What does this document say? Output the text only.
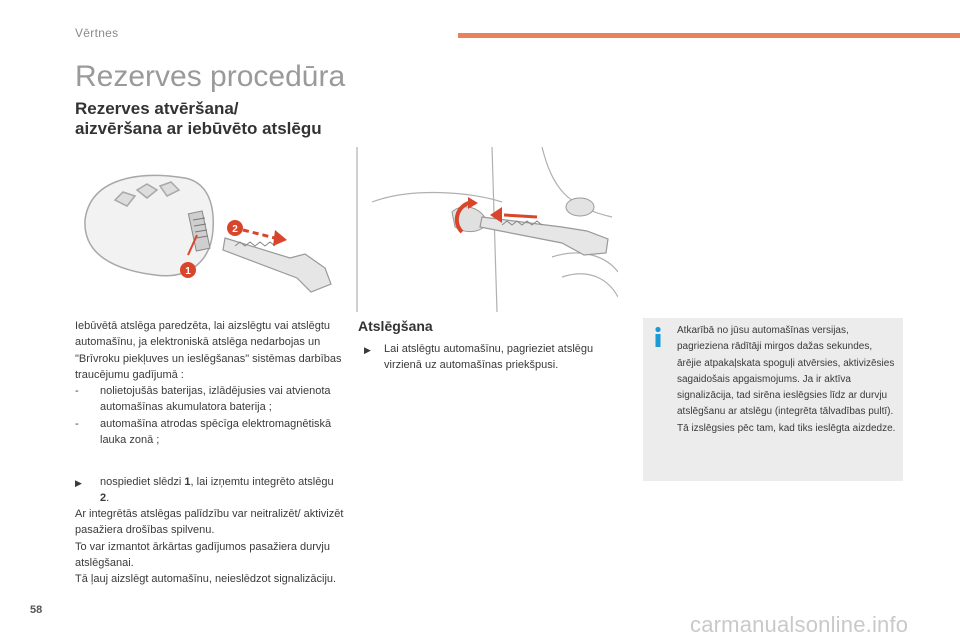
Vērtnes
Rezerves procedūra
Rezerves atvēršana/
aizvēršana ar iebūvēto atslēgu
2
1
Iebūvētā atslēga paredzēta, lai aizslēgtu vai atslēgtu automašīnu, ja elektroniskā atslēga nedarbojas un "Brīvroku piekļuves un ieslēgšanas" sistēmas darbības traucējumu gadījumā :
- nolietojušās baterijas, izlādējusies vai atvienota automašīnas akumulatora baterija ;
- automašīna atrodas spēcīga elektromagnētiskā lauka zonā ;
▶	nospiediet slēdzi 1, lai izņemtu integrēto atslēgu 2.
Ar integrētās atslēgas palīdzību var neitralizēt/ aktivizēt pasažiera drošības spilvenu.
To var izmantot ārkārtas gadījumos pasažiera durvju atslēgšanai.
Tā ļauj aizslēgt automašīnu, neieslēdzot signalizāciju.
Atslēgšana
▶	Lai atslēgtu automašīnu, pagrieziet atslēgu virzienā uz automašīnas priekšpusi.
Atkarībā no jūsu automašīnas versijas, pagrieziena rādītāji mirgos dažas sekundes, ārējie atpakaļskata spoguļi atvērsies, aktivizēsies sagaidošais apgaismojums. Ja ir aktīva signalizācija, tad sirēna ieslēgsies līdz ar durvju atslēgšanu ar atslēgu (integrēta tālvadības pultī). Tā izslēgsies pēc tam, kad tiks ieslēgta aizdedze.
58
carmanualsonline.info
